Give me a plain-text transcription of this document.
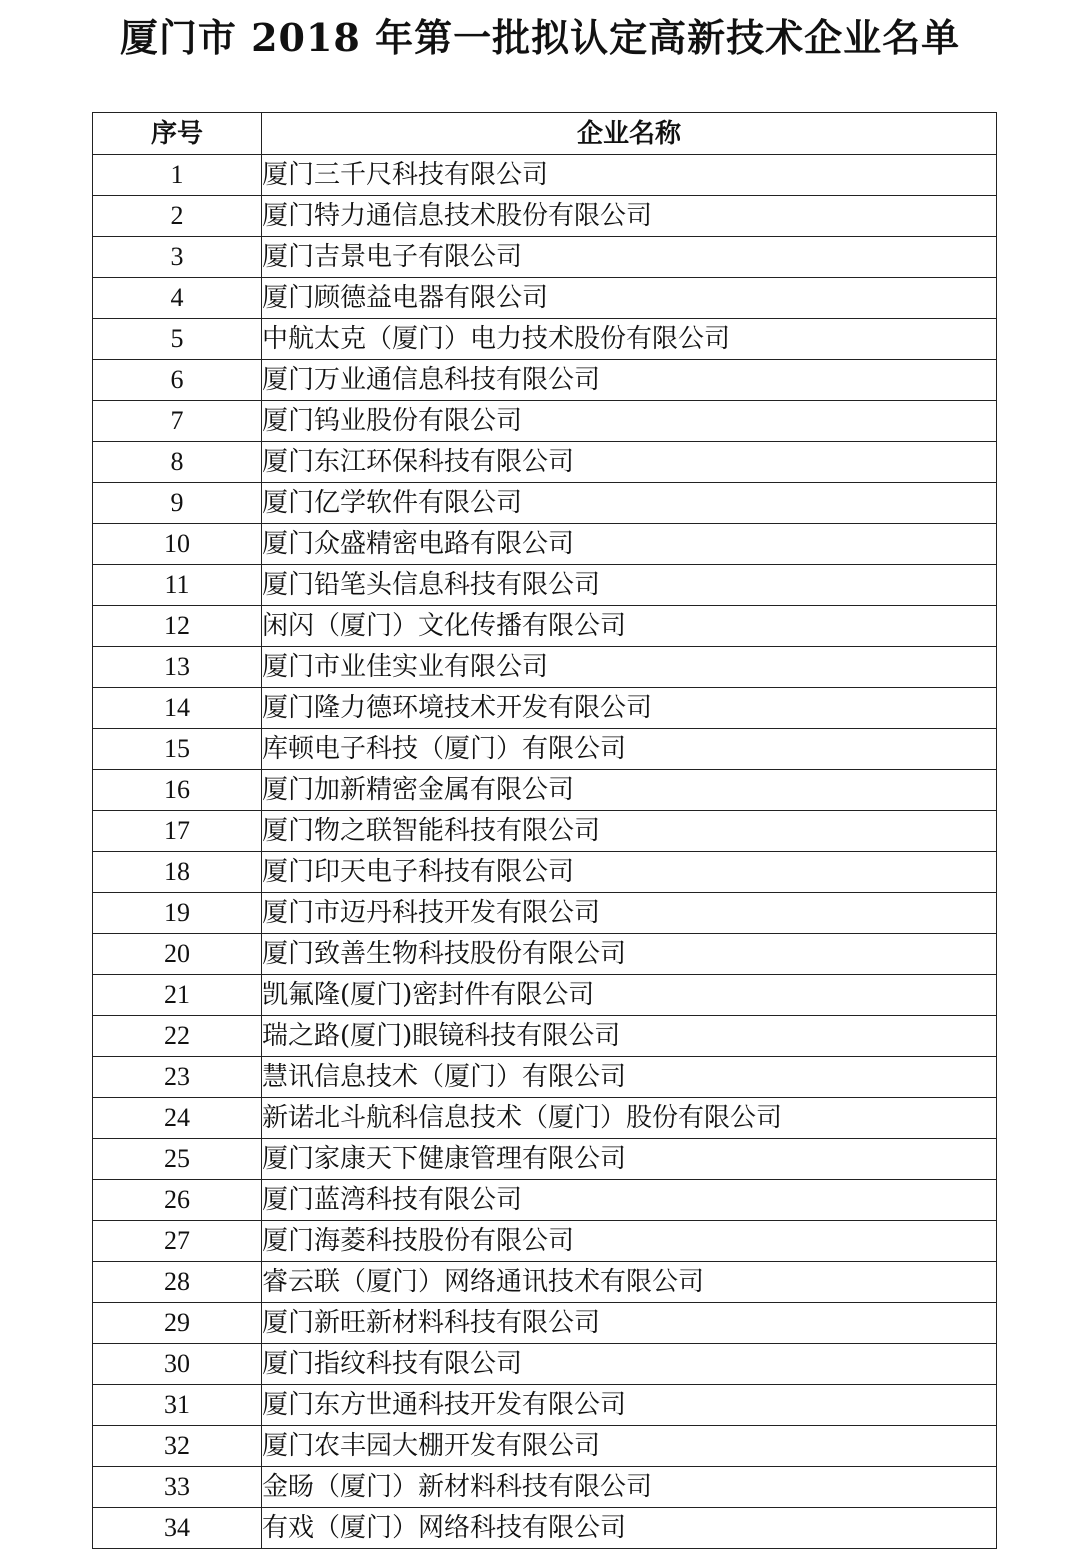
厦门市 2018 年第一批拟认定高新技术企业名单
序号	企业名称
1	厦门三千尺科技有限公司
2	厦门特力通信息技术股份有限公司
3	厦门吉景电子有限公司
4	厦门顾德益电器有限公司
5	中航太克（厦门）电力技术股份有限公司
6	厦门万业通信息科技有限公司
7	厦门钨业股份有限公司
8	厦门东江环保科技有限公司
9	厦门亿学软件有限公司
10	厦门众盛精密电路有限公司
11	厦门铅笔头信息科技有限公司
12	闲闪（厦门）文化传播有限公司
13	厦门市业佳实业有限公司
14	厦门隆力德环境技术开发有限公司
15	库顿电子科技（厦门）有限公司
16	厦门加新精密金属有限公司
17	厦门物之联智能科技有限公司
18	厦门印天电子科技有限公司
19	厦门市迈丹科技开发有限公司
20	厦门致善生物科技股份有限公司
21	凯氟隆(厦门)密封件有限公司
22	瑞之路(厦门)眼镜科技有限公司
23	慧讯信息技术（厦门）有限公司
24	新诺北斗航科信息技术（厦门）股份有限公司
25	厦门家康天下健康管理有限公司
26	厦门蓝湾科技有限公司
27	厦门海菱科技股份有限公司
28	睿云联（厦门）网络通讯技术有限公司
29	厦门新旺新材料科技有限公司
30	厦门指纹科技有限公司
31	厦门东方世通科技开发有限公司
32	厦门农丰园大棚开发有限公司
33	金旸（厦门）新材料科技有限公司
34	有戏（厦门）网络科技有限公司
